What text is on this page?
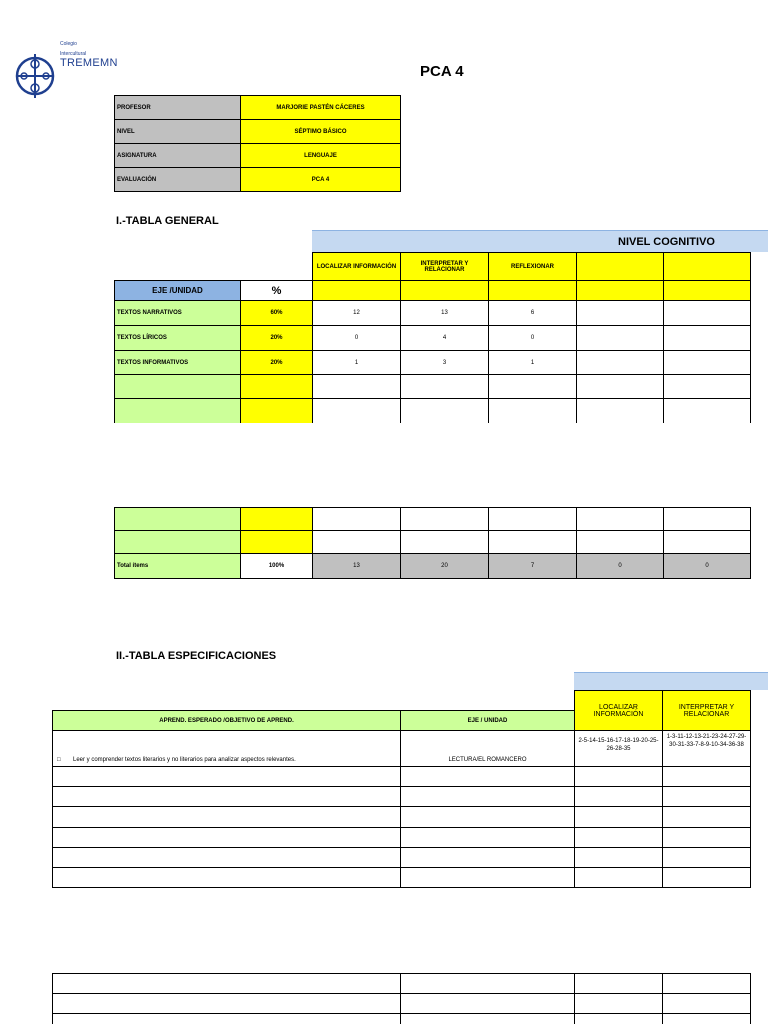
Colegio
Intercultural
TREMEMN	PCA 4
PROFESOR	MARJORIE PASTÉN CÁCERES
NIVEL	SÉPTIMO BÁSICO
ASIGNATURA	LENGUAJE
EVALUACIÓN	PCA 4
I.-TABLA GENERAL
NIVEL COGNITIVO
		LOCALIZAR INFORMACIÓN	INTERPRETAR Y RELACIONAR	REFLEXIONAR		
EJE /UNIDAD	%					
TEXTOS NARRATIVOS	60%	12	13	6		
TEXTOS LÍRICOS	20%	0	4	0		
TEXTOS INFORMATIVOS	20%	1	3	1		

Total ítems	100%	13	20	7	0	0
II.-TABLA ESPECIFICACIONES
		LOCALIZAR INFORMACIÓN	INTERPRETAR Y RELACIONAR
APREND. ESPERADO /OBJETIVO DE APREND.	EJE / UNIDAD		

□ Leer y comprender textos literarios y no literarios para analizar aspectos relevantes.	LECTURA/EL ROMANCERO	2-5-14-15-16-17-18-19-20-25-26-28-35	1-3-11-12-13-21-23-24-27-29-30-31-33-7-8-9-10-34-36-38
